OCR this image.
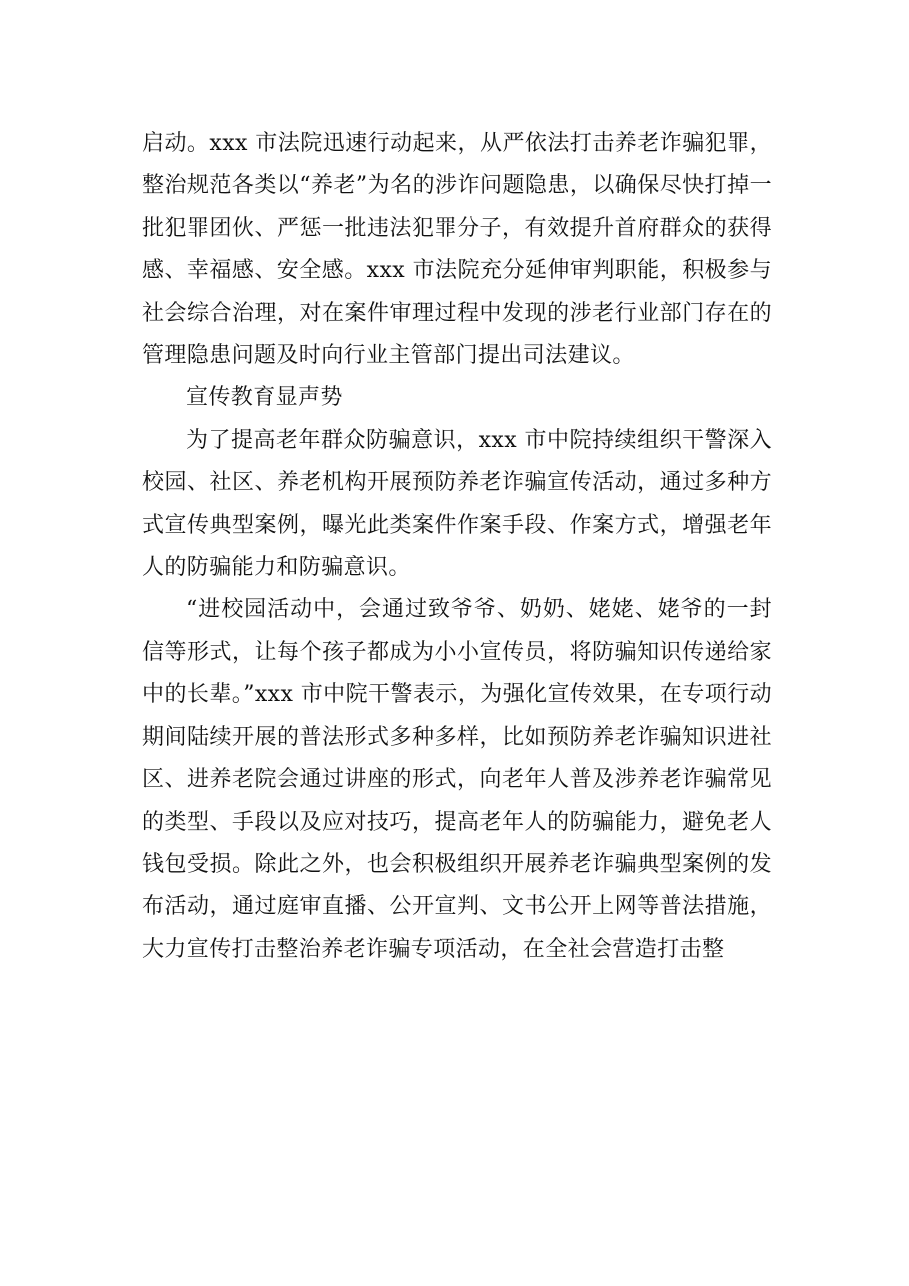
启动。xxx 市法院迅速行动起来，从严依法打击养老诈骗犯罪，整治规范各类以“养老”为名的涉诈问题隐患，以确保尽快打掉一批犯罪团伙、严惩一批违法犯罪分子，有效提升首府群众的获得感、幸福感、安全感。xxx 市法院充分延伸审判职能，积极参与社会综合治理，对在案件审理过程中发现的涉老行业部门存在的管理隐患问题及时向行业主管部门提出司法建议。

宣传教育显声势

为了提高老年群众防骗意识，xxx 市中院持续组织干警深入校园、社区、养老机构开展预防养老诈骗宣传活动，通过多种方式宣传典型案例，曝光此类案件作案手段、作案方式，增强老年人的防骗能力和防骗意识。

“进校园活动中，会通过致爷爷、奶奶、姥姥、姥爷的一封信等形式，让每个孩子都成为小小宣传员，将防骗知识传递给家中的长辈。”xxx 市中院干警表示，为强化宣传效果，在专项行动期间陆续开展的普法形式多种多样，比如预防养老诈骗知识进社区、进养老院会通过讲座的形式，向老年人普及涉养老诈骗常见的类型、手段以及应对技巧，提高老年人的防骗能力，避免老人钱包受损。除此之外，也会积极组织开展养老诈骗典型案例的发布活动，通过庭审直播、公开宣判、文书公开上网等普法措施，大力宣传打击整治养老诈骗专项活动，在全社会营造打击整
